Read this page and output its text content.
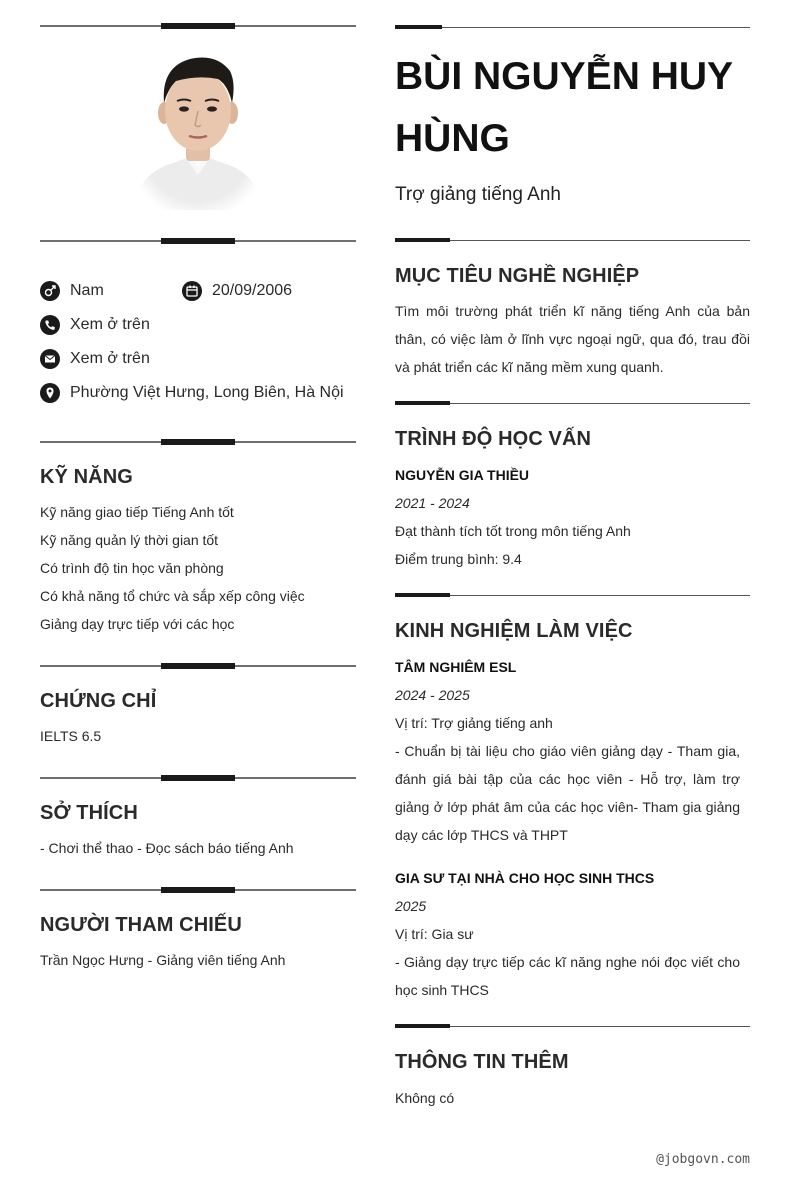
Nam	20/09/2006
Xem ở trên
Xem ở trên
Phường Việt Hưng, Long Biên, Hà Nội
KỸ NĂNG
Kỹ năng giao tiếp Tiếng Anh tốt
Kỹ năng quản lý thời gian tốt
Có trình độ tin học văn phòng
Có khả năng tổ chức và sắp xếp công việc
Giảng dạy trực tiếp với các học
CHỨNG CHỈ
IELTS 6.5
SỞ THÍCH
- Chơi thể thao - Đọc sách báo tiếng Anh
NGƯỜI THAM CHIẾU
Trần Ngọc Hưng - Giảng viên tiếng Anh
BÙI NGUYỄN HUY HÙNG
Trợ giảng tiếng Anh
MỤC TIÊU NGHỀ NGHIỆP
Tìm môi trường phát triển kĩ năng tiếng Anh của bản thân, có việc làm ở lĩnh vực ngoại ngữ, qua đó, trau đồi và phát triển các kĩ năng mềm xung quanh.
TRÌNH ĐỘ HỌC VẤN
NGUYỄN GIA THIỀU
2021 - 2024
Đạt thành tích tốt trong môn tiếng Anh
Điểm trung bình: 9.4
KINH NGHIỆM LÀM VIỆC
TÂM NGHIÊM ESL
2024 - 2025
Vị trí: Trợ giảng tiếng anh
- Chuẩn bị tài liệu cho giáo viên giảng dạy - Tham gia, đánh giá bài tập của các học viên - Hỗ trợ, làm trợ giảng ở lớp phát âm của các học viên- Tham gia giảng dạy các lớp THCS và THPT
GIA SƯ TẠI NHÀ CHO HỌC SINH THCS
2025
Vị trí: Gia sư
- Giảng dạy trực tiếp các kĩ năng nghe nói đọc viết cho học sinh THCS
THÔNG TIN THÊM
Không có
@jobgovn.com
